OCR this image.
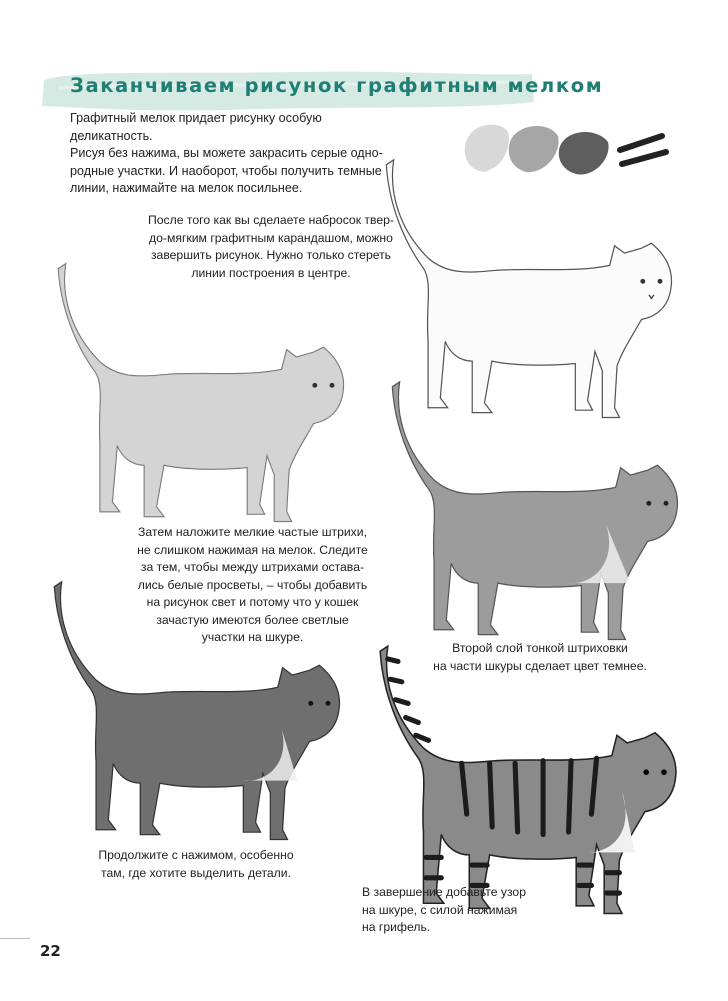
Заканчиваем рисунок графитным мелком

Графитный мелок придает рисунку особую деликатность.
Рисуя без нажима, вы можете закрасить серые одно-
родные участки. И наоборот, чтобы получить темные
линии, нажимайте на мелок посильнее.

После того как вы сделаете набросок твер-
до-мягким графитным карандашом, можно
завершить рисунок. Нужно только стереть
линии построения в центре.

Затем наложите мелкие частые штрихи,
не слишком нажимая на мелок. Следите
за тем, чтобы между штрихами оставa-
лись белые просветы, – чтобы добавить
на рисунок свет и потому что у кошек
зачастую имеются более светлые
участки на шкуре.

Второй слой тонкой штриховки
на части шкуры сделает цвет темнее.

Продолжите с нажимом, особенно
там, где хотите выделить детали.

В завершение добавьте узор
на шкуре, с силой нажимая
на грифель.

22
